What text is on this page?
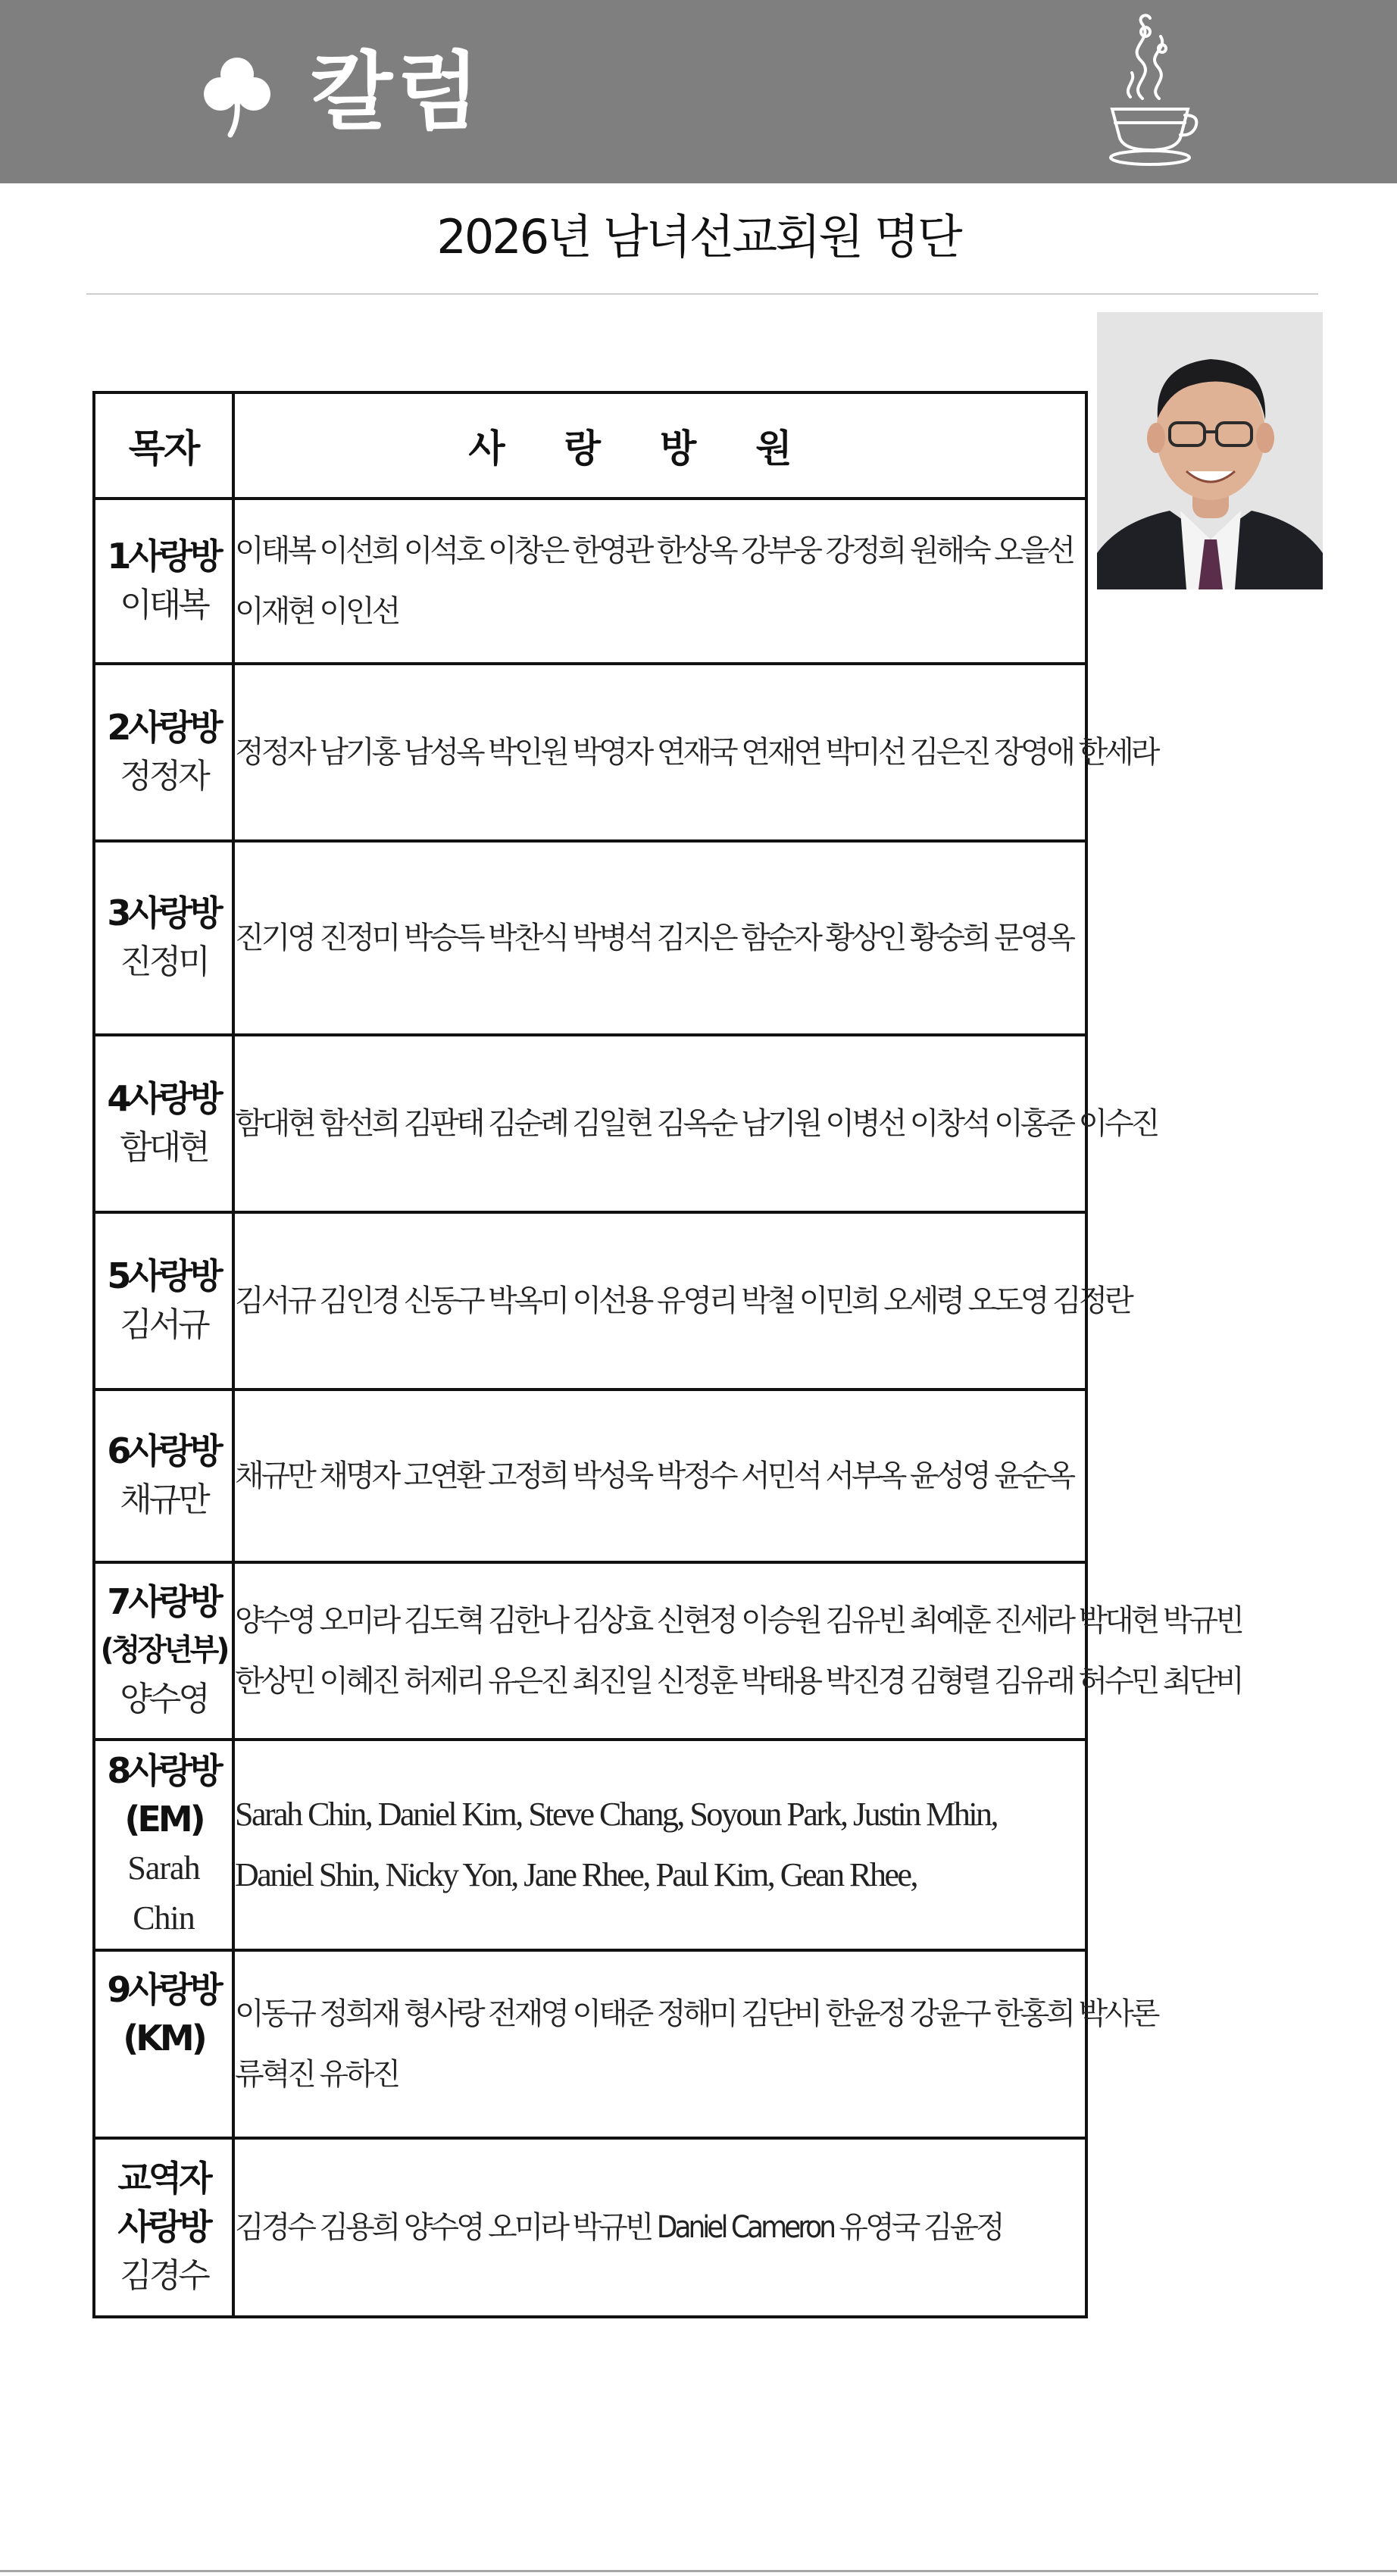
칼럼
2026년 남녀선교회원 명단
목자	사랑방원

1사랑방
이태복	이태복 이선희 이석호 이창은 한영관 한상옥 강부웅 강정희 원해숙 오을선
이재현 이인선

2사랑방
정정자	정정자 남기홍 남성옥 박인원 박영자 연재국 연재연 박미선 김은진 장영애 한세라

3사랑방
진정미	진기영 진정미 박승득 박찬식 박병석 김지은 함순자 황상인 황숭희 문영옥

4사랑방
함대현	함대현 함선희 김판태 김순례 김일현 김옥순 남기원 이병선 이창석 이홍준 이수진

5사랑방
김서규	김서규 김인경 신동구 박옥미 이선용 유영리 박철 이민희 오세령 오도영 김정란

6사랑방
채규만	채규만 채명자 고연환 고정희 박성욱 박정수 서민석 서부옥 윤성영 윤순옥

7사랑방
(청장년부)
양수영	양수영 오미라 김도혁 김한나 김상효 신현정 이승원 김유빈 최예훈 진세라 박대현 박규빈
한상민 이혜진 허제리 유은진 최진일 신정훈 박태용 박진경 김형렬 김유래 허수민 최단비

8사랑방
(EM)
Sarah
Chin	Sarah Chin, Daniel Kim, Steve Chang, Soyoun Park, Justin Mhin,
Daniel Shin, Nicky Yon, Jane Rhee, Paul Kim, Gean Rhee,

9사랑방
(KM)	이동규 정희재 형사랑 전재영 이태준 정해미 김단비 한윤정 강윤구 한홍희 박사론
류혁진 유하진

교역자
사랑방
김경수	김경수 김용희 양수영 오미라 박규빈 Daniel Cameron 유영국 김윤정
